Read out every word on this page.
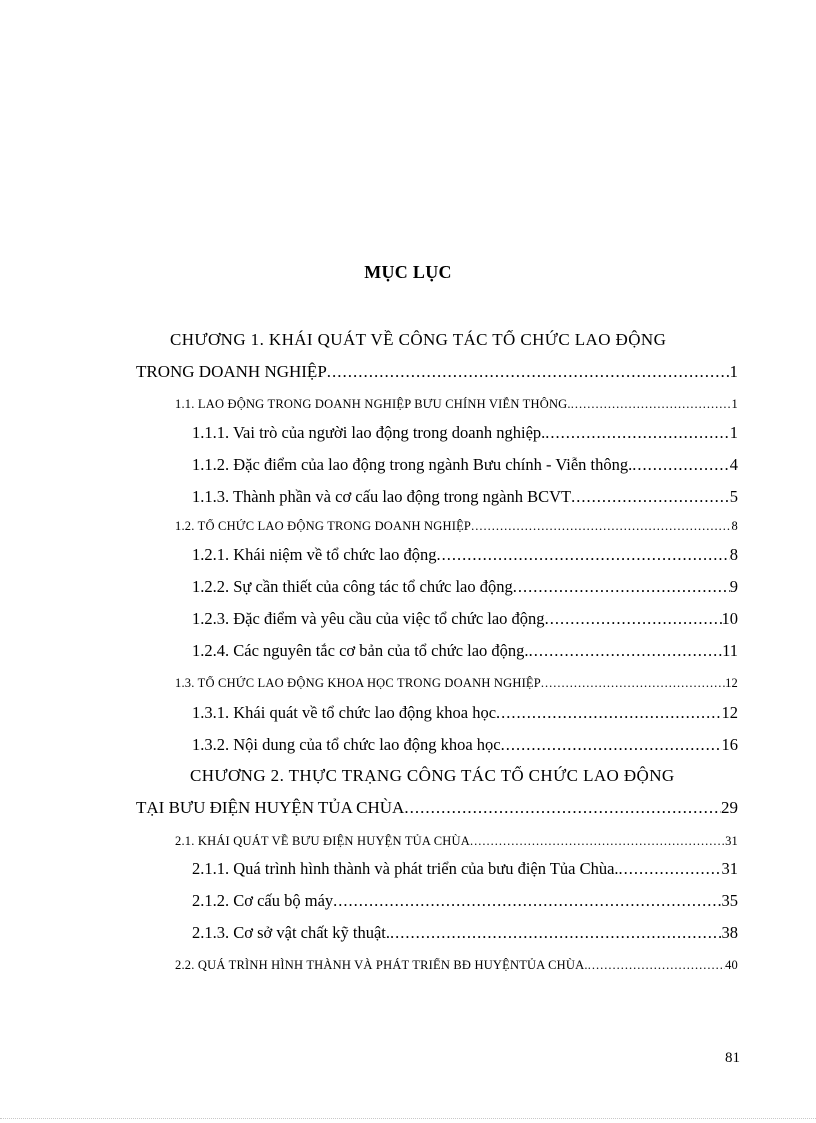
MỤC LỤC
CHƯƠNG 1. KHÁI QUÁT VỀ CÔNG TÁC TỔ CHỨC LAO ĐỘNG
TRONG DOANH NGHIỆP .....	1
1.1. LAO ĐỘNG TRONG DOANH NGHIỆP BƯU CHÍNH VIỄN THÔNG. .....	1
1.1.1. Vai trò của người lao động trong doanh nghiệp. .....	1
1.1.2. Đặc điểm của lao động trong ngành Bưu chính - Viễn thông. .....	4
1.1.3. Thành phần và cơ cấu lao động trong ngành BCVT .....	5
1.2. TỔ CHỨC LAO ĐỘNG TRONG DOANH NGHIỆP .....	8
1.2.1. Khái niệm về tổ chức lao động .....	8
1.2.2. Sự cần thiết của công tác tổ chức lao động .....	9
1.2.3. Đặc điểm và yêu cầu của việc tổ chức lao động .....	10
1.2.4. Các nguyên tắc cơ bản của tổ chức lao động. .....	11
1.3. TỔ CHỨC LAO ĐỘNG KHOA HỌC TRONG DOANH NGHIỆP .....	12
1.3.1. Khái quát về tổ chức lao động khoa học .....	12
1.3.2. Nội dung của tổ chức lao động khoa học .....	16
CHƯƠNG 2. THỰC TRẠNG CÔNG TÁC TỔ CHỨC LAO ĐỘNG
TẠI BƯU ĐIỆN HUYỆN TỦA CHÙA .....	29
2.1. KHÁI QUÁT VỀ BƯU ĐIỆN HUYỆN TỦA CHÙA .....	31
2.1.1. Quá trình hình thành và phát triển của bưu điện Tủa Chùa. .....	31
2.1.2. Cơ cấu bộ máy .....	35
2.1.3. Cơ sở vật chất kỹ thuật. .....	38
2.2. QUÁ TRÌNH HÌNH THÀNH VÀ PHÁT TRIỂN BĐ HUYỆNTỦA CHÙA. .....	40
81
